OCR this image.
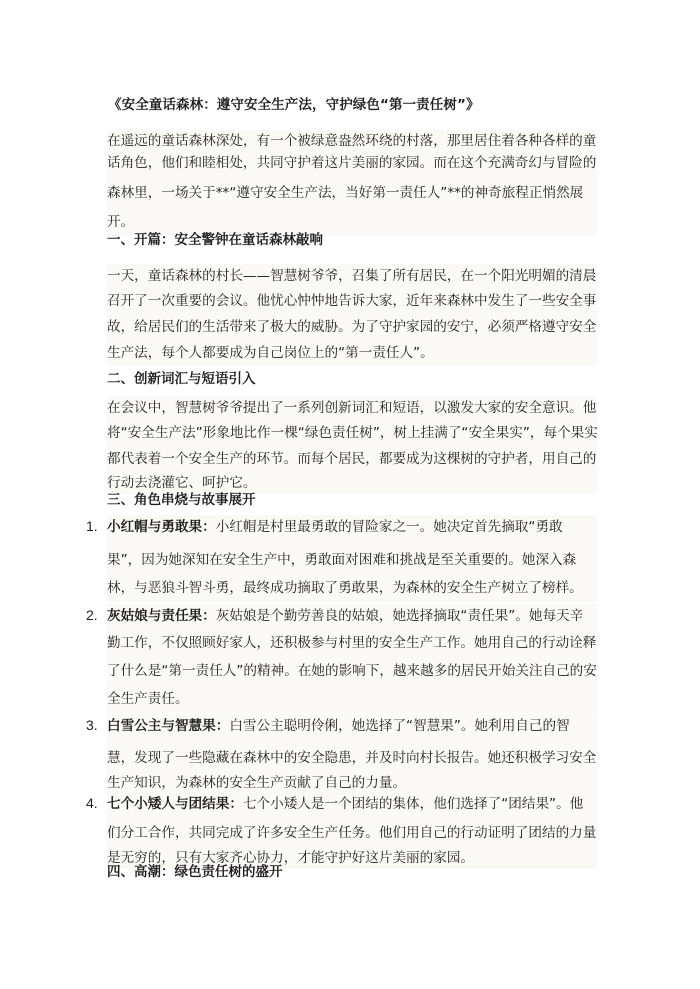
《安全童话森林：遵守安全生产法，守护绿色“第一责任树”》

在遥远的童话森林深处，有一个被绿意盎然环绕的村落，那里居住着各种各样的童

话角色，他们和睦相处，共同守护着这片美丽的家园。而在这个充满奇幻与冒险的

森林里，一场关于**“遵守安全生产法，当好第一责任人”**的神奇旅程正悄然展

开。

一、开篇：安全警钟在童话森林敲响

一天，童话森林的村长——智慧树爷爷，召集了所有居民，在一个阳光明媚的清晨

召开了一次重要的会议。他忧心忡忡地告诉大家，近年来森林中发生了一些安全事

故，给居民们的生活带来了极大的威胁。为了守护家园的安宁，必须严格遵守安全

生产法，每个人都要成为自己岗位上的“第一责任人”。

二、创新词汇与短语引入

在会议中，智慧树爷爷提出了一系列创新词汇和短语，以激发大家的安全意识。他

将“安全生产法”形象地比作一棵“绿色责任树”，树上挂满了“安全果实”，每个果实

都代表着一个安全生产的环节。而每个居民，都要成为这棵树的守护者，用自己的

行动去浇灌它、呵护它。

三、角色串烧与故事展开
1. 小红帽与勇敢果：小红帽是村里最勇敢的冒险家之一。她决定首先摘取“勇敢

果”，因为她深知在安全生产中，勇敢面对困难和挑战是至关重要的。她深入森

林，与恶狼斗智斗勇，最终成功摘取了勇敢果，为森林的安全生产树立了榜样。

2. 灰姑娘与责任果：灰姑娘是个勤劳善良的姑娘，她选择摘取“责任果”。她每天辛

勤工作，不仅照顾好家人，还积极参与村里的安全生产工作。她用自己的行动诠释

了什么是“第一责任人”的精神。在她的影响下，越来越多的居民开始关注自己的安

全生产责任。

3. 白雪公主与智慧果：白雪公主聪明伶俐，她选择了“智慧果”。她利用自己的智

慧，发现了一些隐藏在森林中的安全隐患，并及时向村长报告。她还积极学习安全

生产知识，为森林的安全生产贡献了自己的力量。

4. 七个小矮人与团结果：七个小矮人是一个团结的集体，他们选择了“团结果”。他

们分工合作，共同完成了许多安全生产任务。他们用自己的行动证明了团结的力量

是无穷的，只有大家齐心协力，才能守护好这片美丽的家园。

四、高潮：绿色责任树的盛开
